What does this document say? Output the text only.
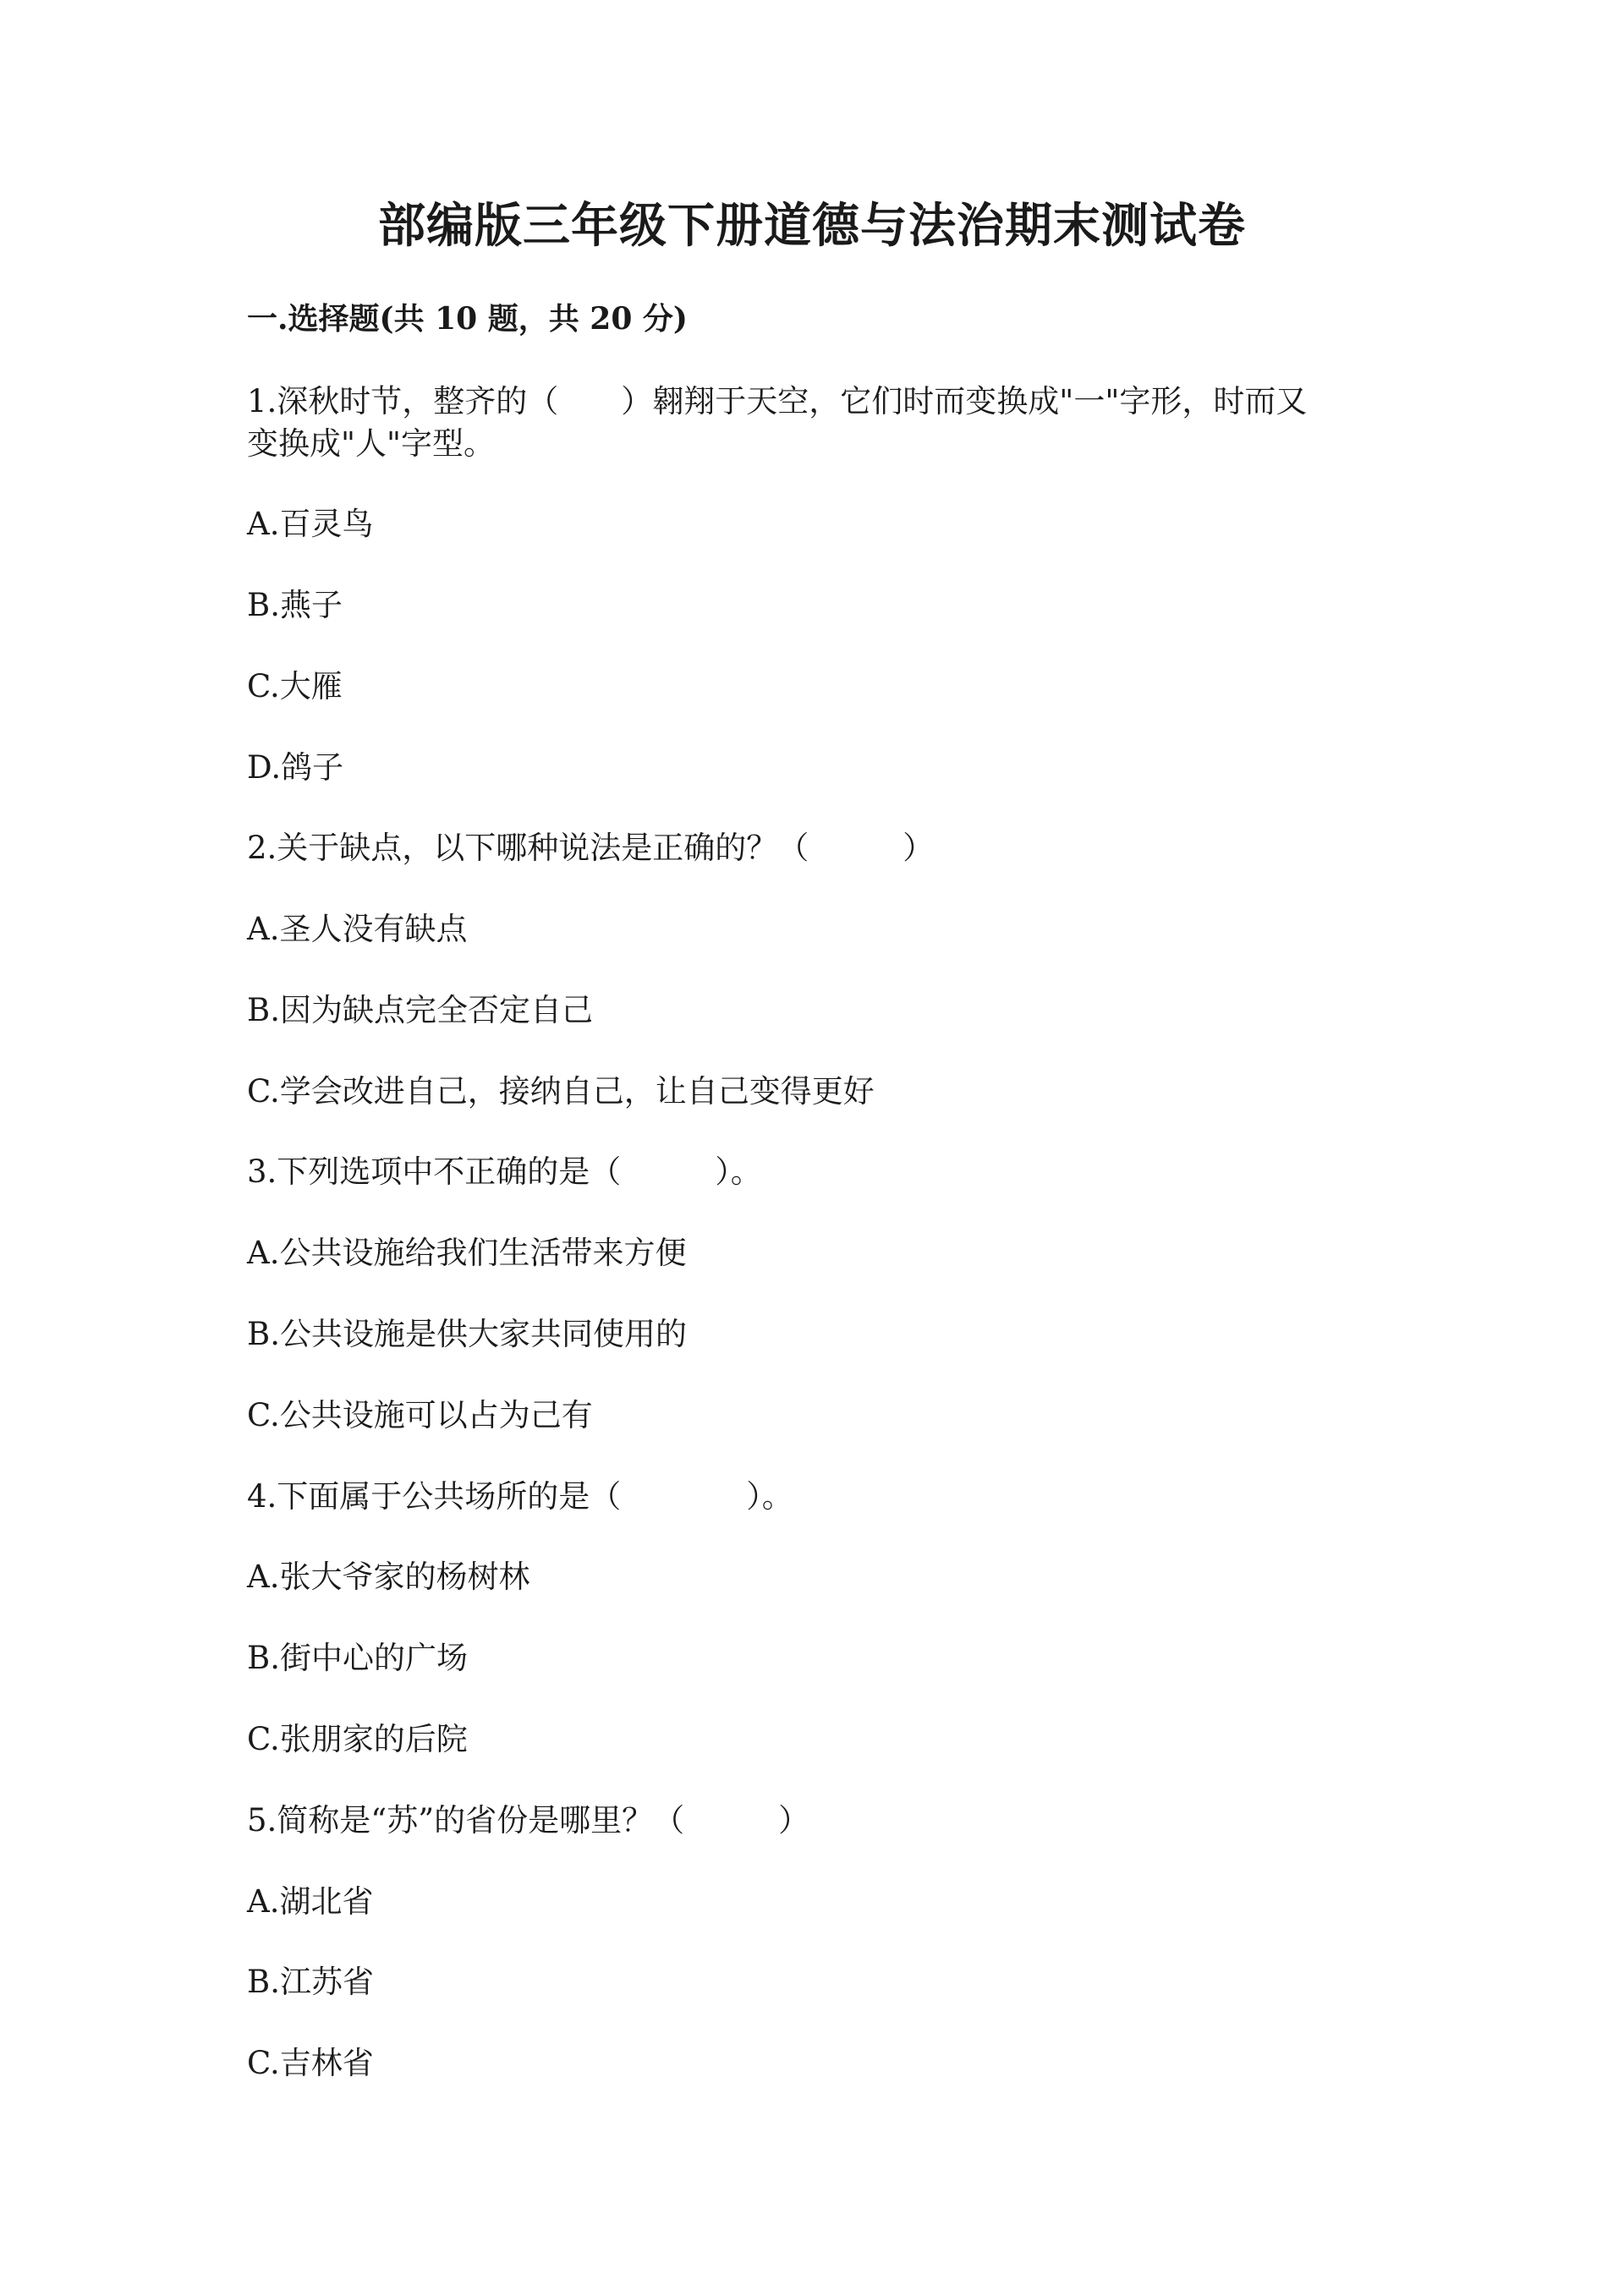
部编版三年级下册道德与法治期末测试卷
一.选择题(共 10 题，共 20 分)
1.深秋时节，整齐的（　　）翱翔于天空，它们时而变换成"一"字形，时而又
变换成"人"字型。
A.百灵鸟
B.燕子
C.大雁
D.鸽子
2.关于缺点，以下哪种说法是正确的？（　　　）
A.圣人没有缺点
B.因为缺点完全否定自己
C.学会改进自己，接纳自己，让自己变得更好
3.下列选项中不正确的是（　　　）。
A.公共设施给我们生活带来方便
B.公共设施是供大家共同使用的
C.公共设施可以占为己有
4.下面属于公共场所的是（　　　　）。
A.张大爷家的杨树林
B.街中心的广场
C.张朋家的后院
5.简称是“苏”的省份是哪里？（　　　）
A.湖北省
B.江苏省
C.吉林省
